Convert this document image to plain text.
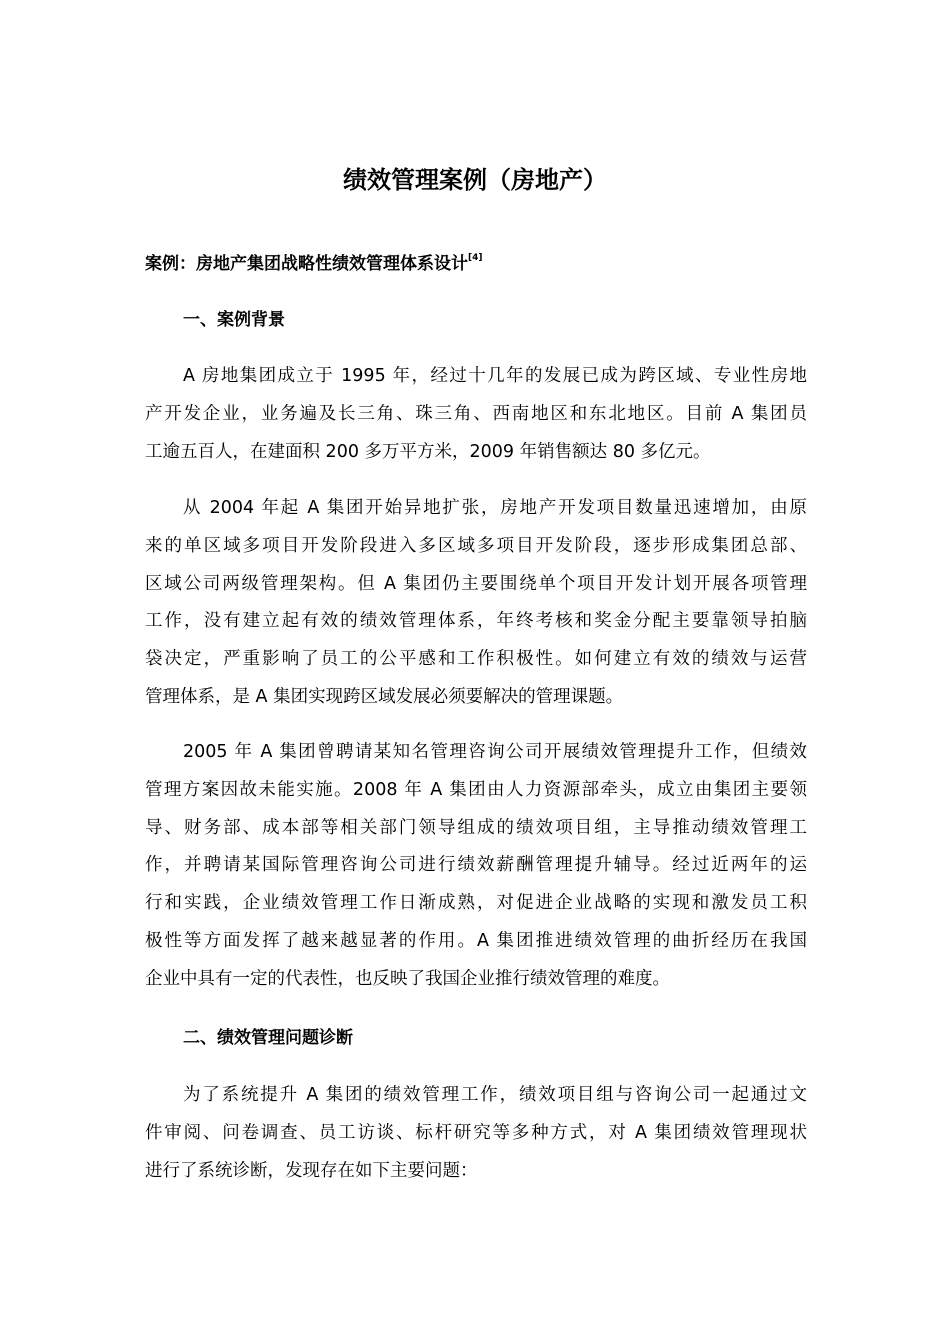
绩效管理案例（房地产）
案例：房地产集团战略性绩效管理体系设计[4]
一、案例背景
A 房地集团成立于 1995 年，经过十几年的发展已成为跨区域、专业性房地
产开发企业，业务遍及长三角、珠三角、西南地区和东北地区。目前 A 集团员
工逾五百人，在建面积 200 多万平方米，2009 年销售额达 80 多亿元。
从 2004 年起 A 集团开始异地扩张，房地产开发项目数量迅速增加，由原
来的单区域多项目开发阶段进入多区域多项目开发阶段，逐步形成集团总部、
区域公司两级管理架构。但 A 集团仍主要围绕单个项目开发计划开展各项管理
工作，没有建立起有效的绩效管理体系，年终考核和奖金分配主要靠领导拍脑
袋决定，严重影响了员工的公平感和工作积极性。如何建立有效的绩效与运营
管理体系，是 A 集团实现跨区域发展必须要解决的管理课题。
2005 年 A 集团曾聘请某知名管理咨询公司开展绩效管理提升工作，但绩效
管理方案因故未能实施。2008 年 A 集团由人力资源部牵头，成立由集团主要领
导、财务部、成本部等相关部门领导组成的绩效项目组，主导推动绩效管理工
作，并聘请某国际管理咨询公司进行绩效薪酬管理提升辅导。经过近两年的运
行和实践，企业绩效管理工作日渐成熟，对促进企业战略的实现和激发员工积
极性等方面发挥了越来越显著的作用。A 集团推进绩效管理的曲折经历在我国
企业中具有一定的代表性，也反映了我国企业推行绩效管理的难度。
二、绩效管理问题诊断
为了系统提升 A 集团的绩效管理工作，绩效项目组与咨询公司一起通过文
件审阅、问卷调查、员工访谈、标杆研究等多种方式，对 A 集团绩效管理现状
进行了系统诊断，发现存在如下主要问题：
